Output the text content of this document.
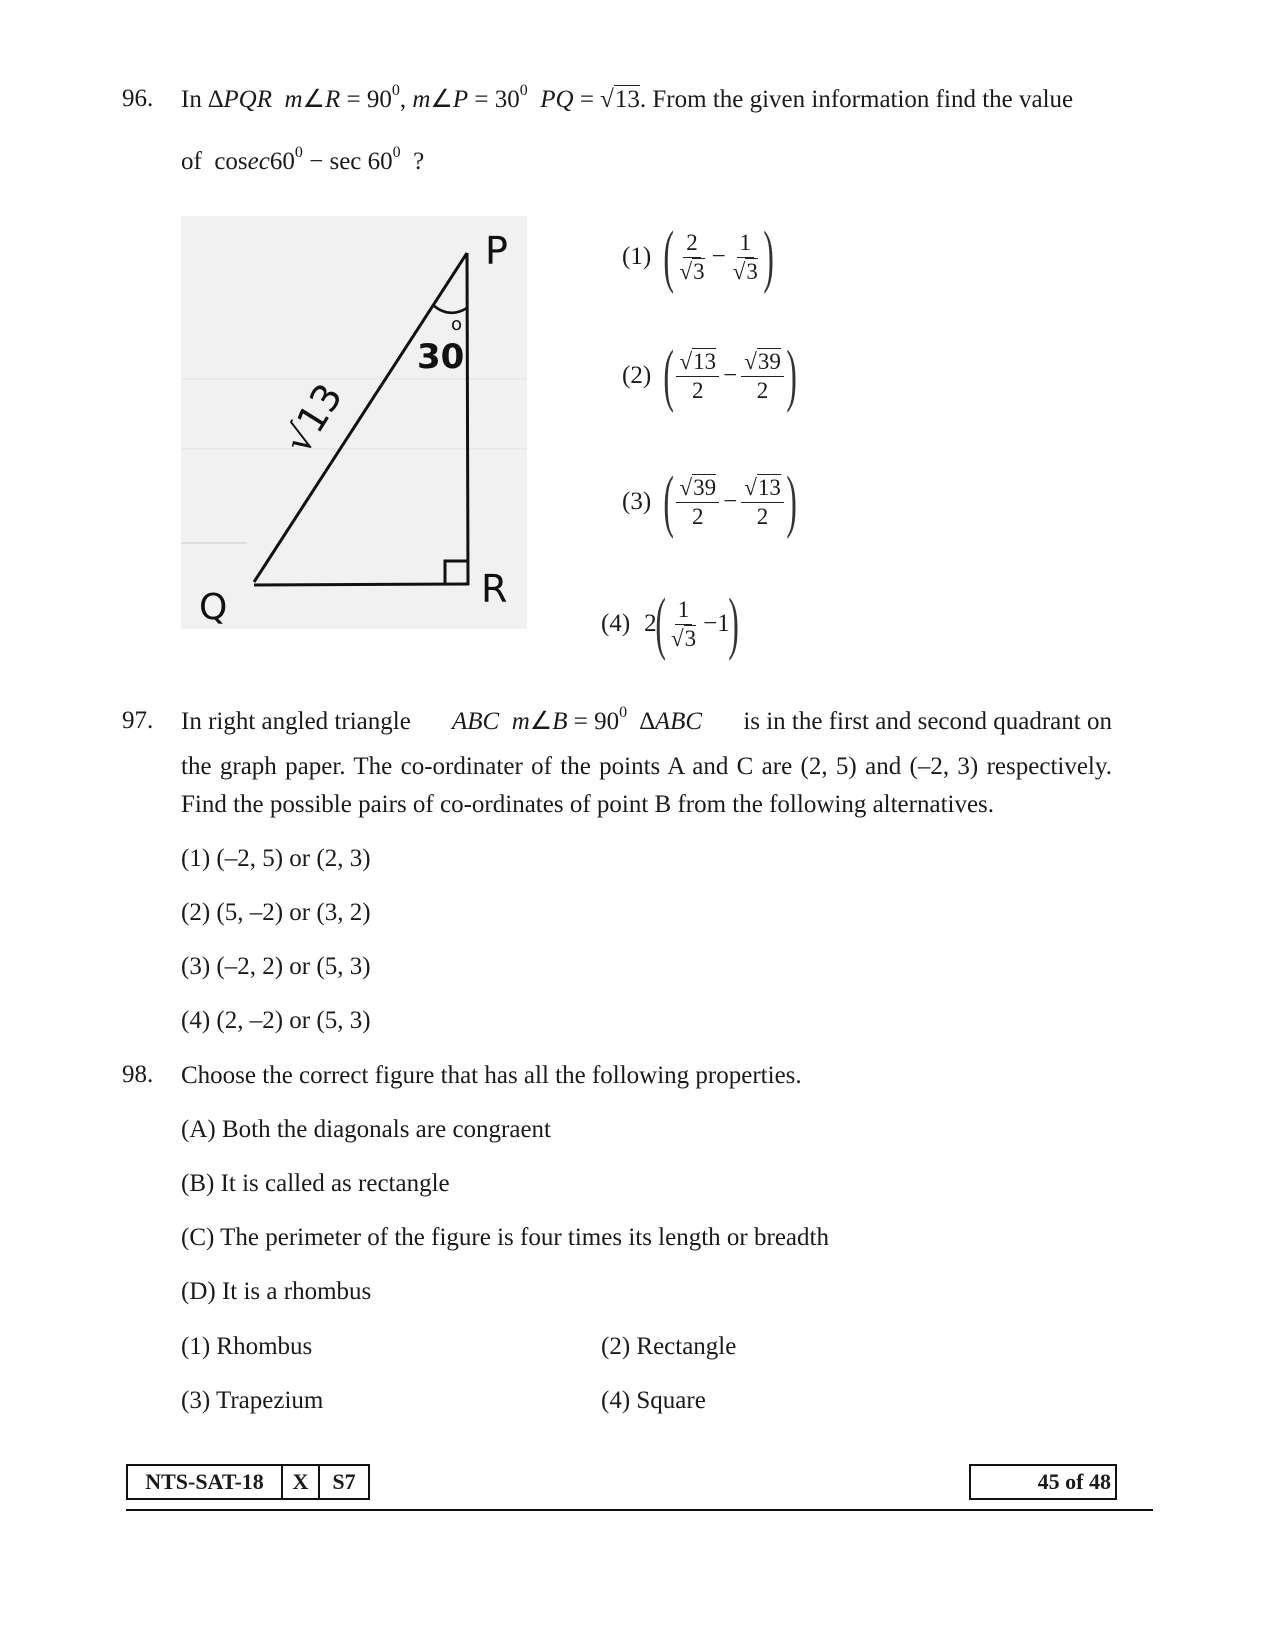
96. In ∆PQR m∠R = $90^0$, m∠P = $30^0$ PQ = √13. From the given information find the value
of  $cosec60^0 - \sec 60^0$ ?
P
Q	R
30
o
√13
(1) ( $\frac{2}{√3} - \frac{1}{√3}$ )
(2) ( $\frac{√13}{2} - \frac{√39}{2}$ )
(3) ( $\frac{√39}{2} - \frac{√13}{2}$ )
(4) 2
( $\frac{1}{√3} -1$
)
97. In right angled triangle ABC m∠B = $90^0$  ∆ABC is in the first and second quadrant on
the graph paper. The co-ordinater of the points A and C are (2, 5) and (–2, 3) respectively.
Find the possible pairs of co-ordinates of point B from the following alternatives.
(1) (–2, 5) or (2, 3)
(2) (5, –2) or (3, 2)
(3) (–2, 2) or (5, 3)
(4) (2, –2) or (5, 3)
98. Choose the correct figure that has all the following properties.
(A) Both the diagonals are congraent
(B) It is called as rectangle
(C) The perimeter of the figure is four times its length or breadth
(D) It is a rhombus
(1) Rhombus	(2) Rectangle
(3) Trapezium	(4) Square
NTS-SAT-18	X	S7	45 of 48
